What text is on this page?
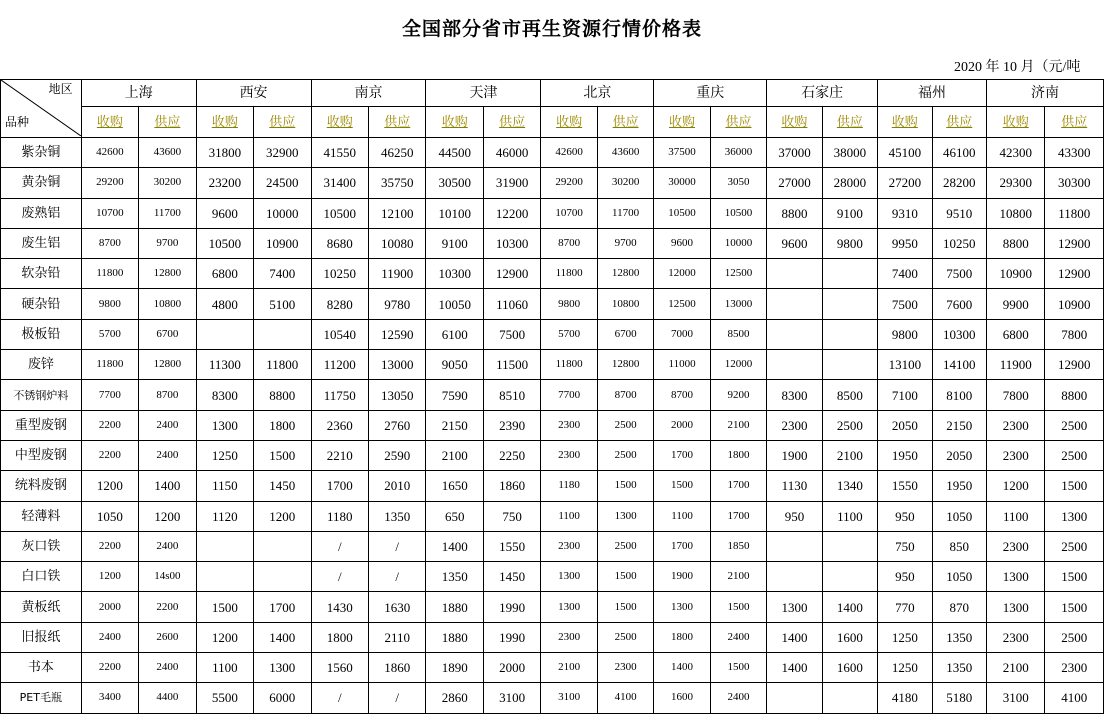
全国部分省市再生资源行情价格表
2020 年 10 月（元/吨
地区
品种	上海		西安		南京		天津		北京		重庆		石家庄		福州		济南	
	收购	供应	收购	供应	收购	供应	收购	供应	收购	供应	收购	供应	收购	供应	收购	供应	收购	供应
紫杂铜	42600	43600	31800	32900	41550	46250	44500	46000	42600	43600	37500	36000	37000	38000	45100	46100	42300	43300
黄杂铜	29200	30200	23200	24500	31400	35750	30500	31900	29200	30200	30000	3050	27000	28000	27200	28200	29300	30300
废熟铝	10700	11700	9600	10000	10500	12100	10100	12200	10700	11700	10500	10500	8800	9100	9310	9510	10800	11800
废生铝	8700	9700	10500	10900	8680	10080	9100	10300	8700	9700	9600	10000	9600	9800	9950	10250	8800	12900
软杂铅	11800	12800	6800	7400	10250	11900	10300	12900	11800	12800	12000	12500			7400	7500	10900	12900
硬杂铅	9800	10800	4800	5100	8280	9780	10050	11060	9800	10800	12500	13000			7500	7600	9900	10900
极板铅	5700	6700			10540	12590	6100	7500	5700	6700	7000	8500			9800	10300	6800	7800
废锌	11800	12800	11300	11800	11200	13000	9050	11500	11800	12800	11000	12000			13100	14100	11900	12900
不锈钢炉料	7700	8700	8300	8800	11750	13050	7590	8510	7700	8700	8700	9200	8300	8500	7100	8100	7800	8800
重型废钢	2200	2400	1300	1800	2360	2760	2150	2390	2300	2500	2000	2100	2300	2500	2050	2150	2300	2500
中型废钢	2200	2400	1250	1500	2210	2590	2100	2250	2300	2500	1700	1800	1900	2100	1950	2050	2300	2500
统料废钢	1200	1400	1150	1450	1700	2010	1650	1860	1180	1500	1500	1700	1130	1340	1550	1950	1200	1500
轻薄料	1050	1200	1120	1200	1180	1350	650	750	1100	1300	1100	1700	950	1100	950	1050	1100	1300
灰口铁	2200	2400			/	/	1400	1550	2300	2500	1700	1850			750	850	2300	2500
白口铁	1200	14s00			/	/	1350	1450	1300	1500	1900	2100			950	1050	1300	1500
黄板纸	2000	2200	1500	1700	1430	1630	1880	1990	1300	1500	1300	1500	1300	1400	770	870	1300	1500
旧报纸	2400	2600	1200	1400	1800	2110	1880	1990	2300	2500	1800	2400	1400	1600	1250	1350	2300	2500
书本	2200	2400	1100	1300	1560	1860	1890	2000	2100	2300	1400	1500	1400	1600	1250	1350	2100	2300
PET毛瓶	3400	4400	5500	6000	/	/	2860	3100	3100	4100	1600	2400			4180	5180	3100	4100
